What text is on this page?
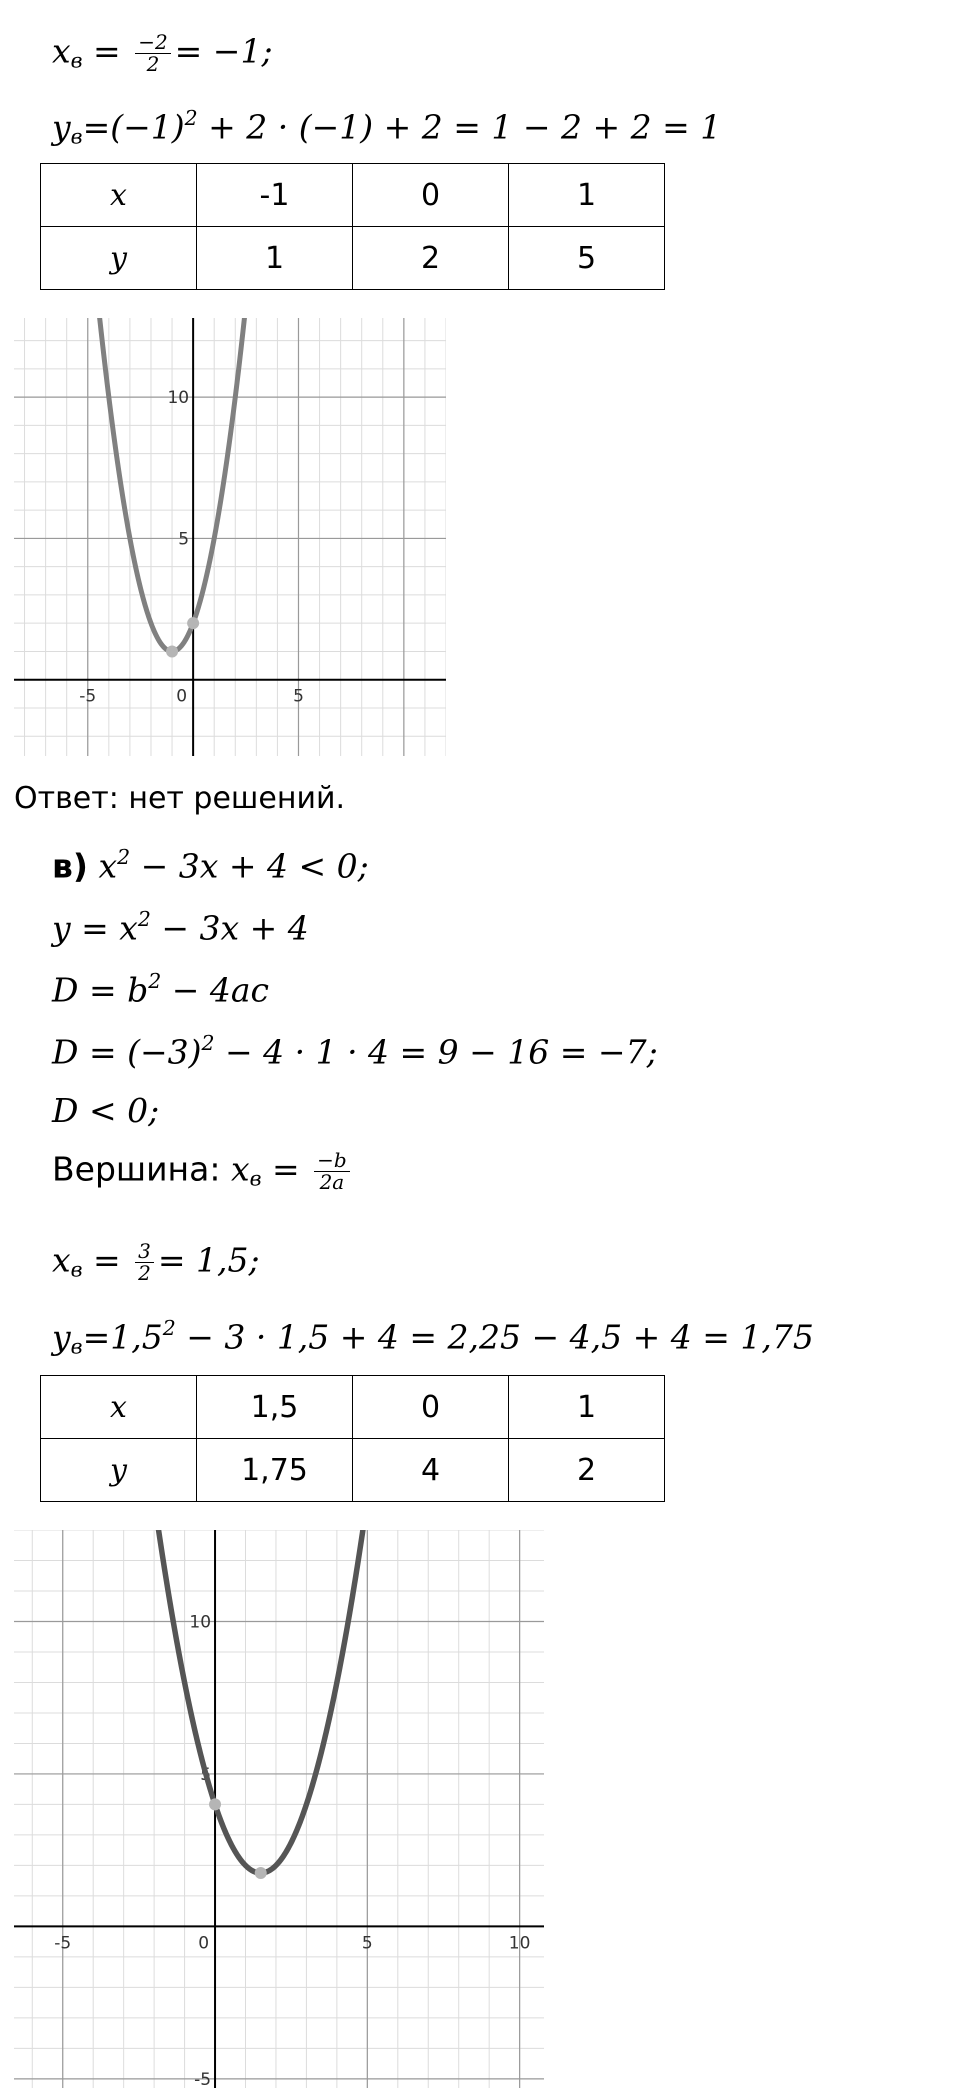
$x_в = \frac{-2}{2} = -1$;
$y_в=(-1)^2 + 2 \cdot (-1) + 2 = 1 - 2 + 2 = 1$
x	-1	0	1
y	1	2	5
-5	0	5
5
10
Ответ: нет решений.
в) $x^2 - 3x + 4 < 0$;
$y = x^2 - 3x + 4$
$D = b^2 - 4ac$
$D = (-3)^2 - 4 \cdot 1 \cdot 4 = 9 - 16 = -7$;
D < 0;
Вершина: $x_в = \frac{-b}{2a}$
$x_в = \frac{3}{2} = 1,5$;
$y_в=1,5^2 - 3 \cdot 1,5 + 4 = 2,25 - 4,5 + 4 = 1,75$
x	1,5	0	1
y	1,75	4	2
-5	0	5	10
-5
5
10
